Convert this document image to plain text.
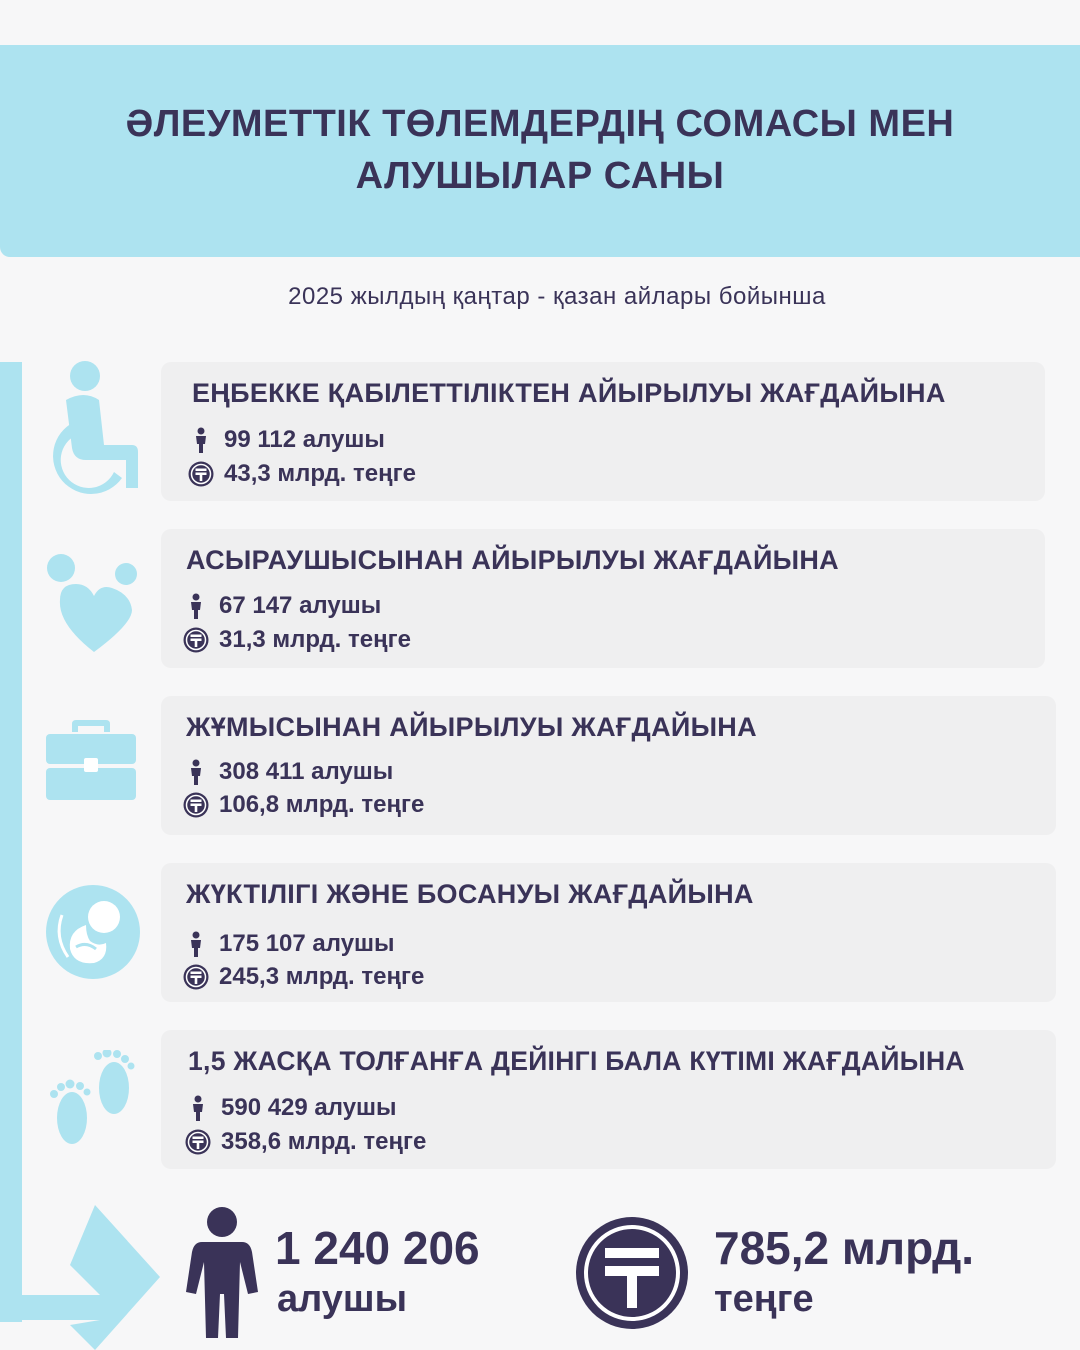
ӘЛЕУМЕТТІК ТӨЛЕМДЕРДІҢ СОМАСЫ МЕН
АЛУШЫЛАР САНЫ
2025 жылдың қаңтар - қазан айлары бойынша
ЕҢБЕККЕ ҚАБІЛЕТТІЛІКТЕН АЙЫРЫЛУЫ ЖАҒДАЙЫНА
99 112 алушы
43,3 млрд. теңге
АСЫРАУШЫСЫНАН АЙЫРЫЛУЫ ЖАҒДАЙЫНА
67 147 алушы
31,3 млрд. теңге
ЖҰМЫСЫНАН АЙЫРЫЛУЫ ЖАҒДАЙЫНА
308 411 алушы
106,8 млрд. теңге
ЖҮКТІЛІГІ ЖӘНЕ БОСАНУЫ ЖАҒДАЙЫНА
175 107 алушы
245,3 млрд. теңге
1,5 ЖАСҚА ТОЛҒАНҒА ДЕЙІНГІ БАЛА КҮТІМІ ЖАҒДАЙЫНА
590 429 алушы
358,6 млрд. теңге
1 240 206
алушы
785,2 млрд.
теңге
